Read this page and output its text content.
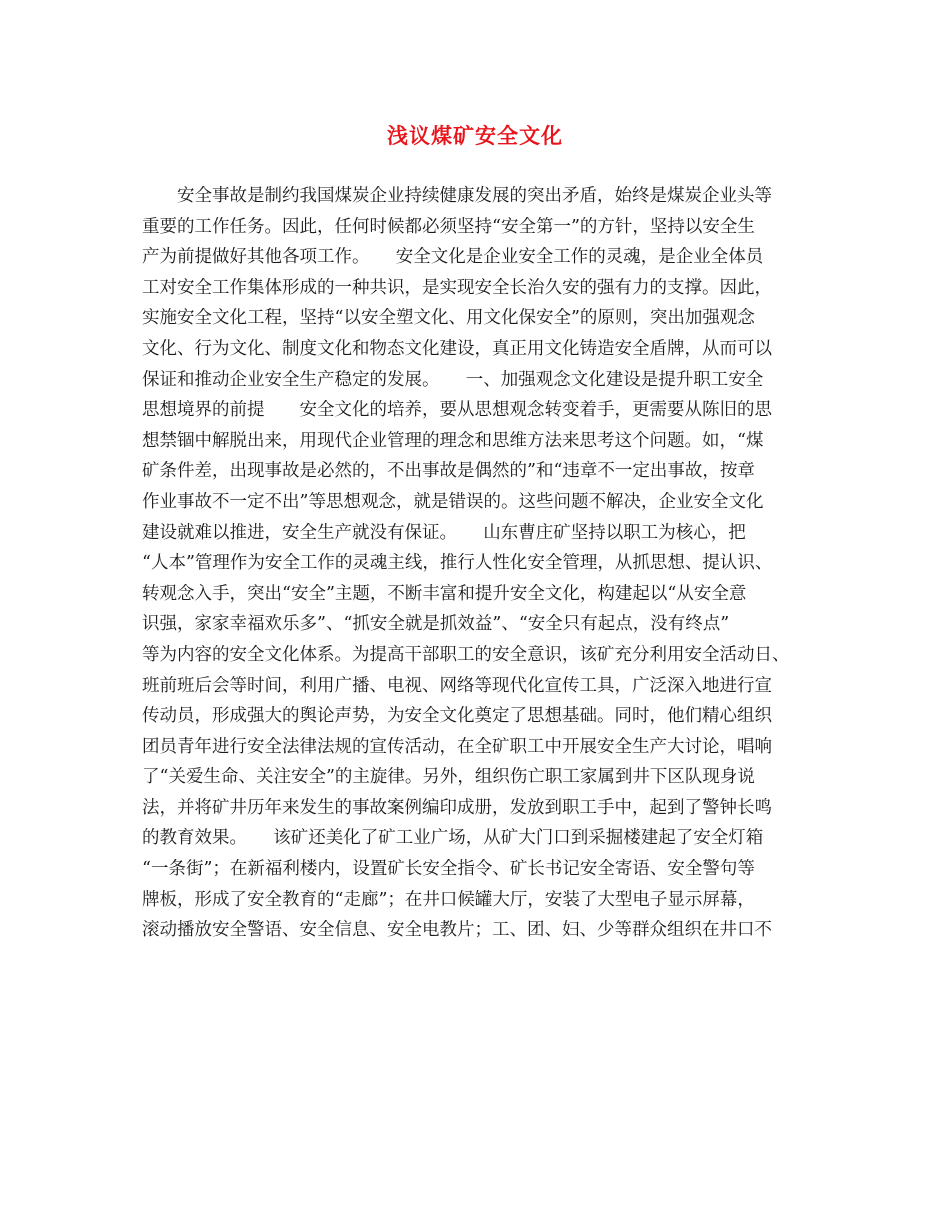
浅议煤矿安全文化
　　安全事故是制约我国煤炭企业持续健康发展的突出矛盾，始终是煤炭企业头等
重要的工作任务。因此，任何时候都必须坚持“安全第一”的方针，坚持以安全生
产为前提做好其他各项工作。　　安全文化是企业安全工作的灵魂，是企业全体员
工对安全工作集体形成的一种共识，是实现安全长治久安的强有力的支撑。因此，
实施安全文化工程，坚持“以安全塑文化、用文化保安全”的原则，突出加强观念
文化、行为文化、制度文化和物态文化建设，真正用文化铸造安全盾牌，从而可以
保证和推动企业安全生产稳定的发展。　　一、加强观念文化建设是提升职工安全
思想境界的前提　　安全文化的培养，要从思想观念转变着手，更需要从陈旧的思
想禁锢中解脱出来，用现代企业管理的理念和思维方法来思考这个问题。如，“煤
矿条件差，出现事故是必然的，不出事故是偶然的”和“违章不一定出事故，按章
作业事故不一定不出”等思想观念，就是错误的。这些问题不解决，企业安全文化
建设就难以推进，安全生产就没有保证。　　山东曹庄矿坚持以职工为核心，把
“人本”管理作为安全工作的灵魂主线，推行人性化安全管理，从抓思想、提认识、
转观念入手，突出“安全”主题，不断丰富和提升安全文化，构建起以“从安全意
识强，家家幸福欢乐多”、“抓安全就是抓效益”、“安全只有起点，没有终点”
等为内容的安全文化体系。为提高干部职工的安全意识，该矿充分利用安全活动日、
班前班后会等时间，利用广播、电视、网络等现代化宣传工具，广泛深入地进行宣
传动员，形成强大的舆论声势，为安全文化奠定了思想基础。同时，他们精心组织
团员青年进行安全法律法规的宣传活动，在全矿职工中开展安全生产大讨论，唱响
了“关爱生命、关注安全”的主旋律。另外，组织伤亡职工家属到井下区队现身说
法，并将矿井历年来发生的事故案例编印成册，发放到职工手中，起到了警钟长鸣
的教育效果。　　该矿还美化了矿工业广场，从矿大门口到采掘楼建起了安全灯箱
“一条街”；在新福利楼内，设置矿长安全指令、矿长书记安全寄语、安全警句等
牌板，形成了安全教育的“走廊”；在井口候罐大厅，安装了大型电子显示屏幕，
滚动播放安全警语、安全信息、安全电教片；工、团、妇、少等群众组织在井口不
